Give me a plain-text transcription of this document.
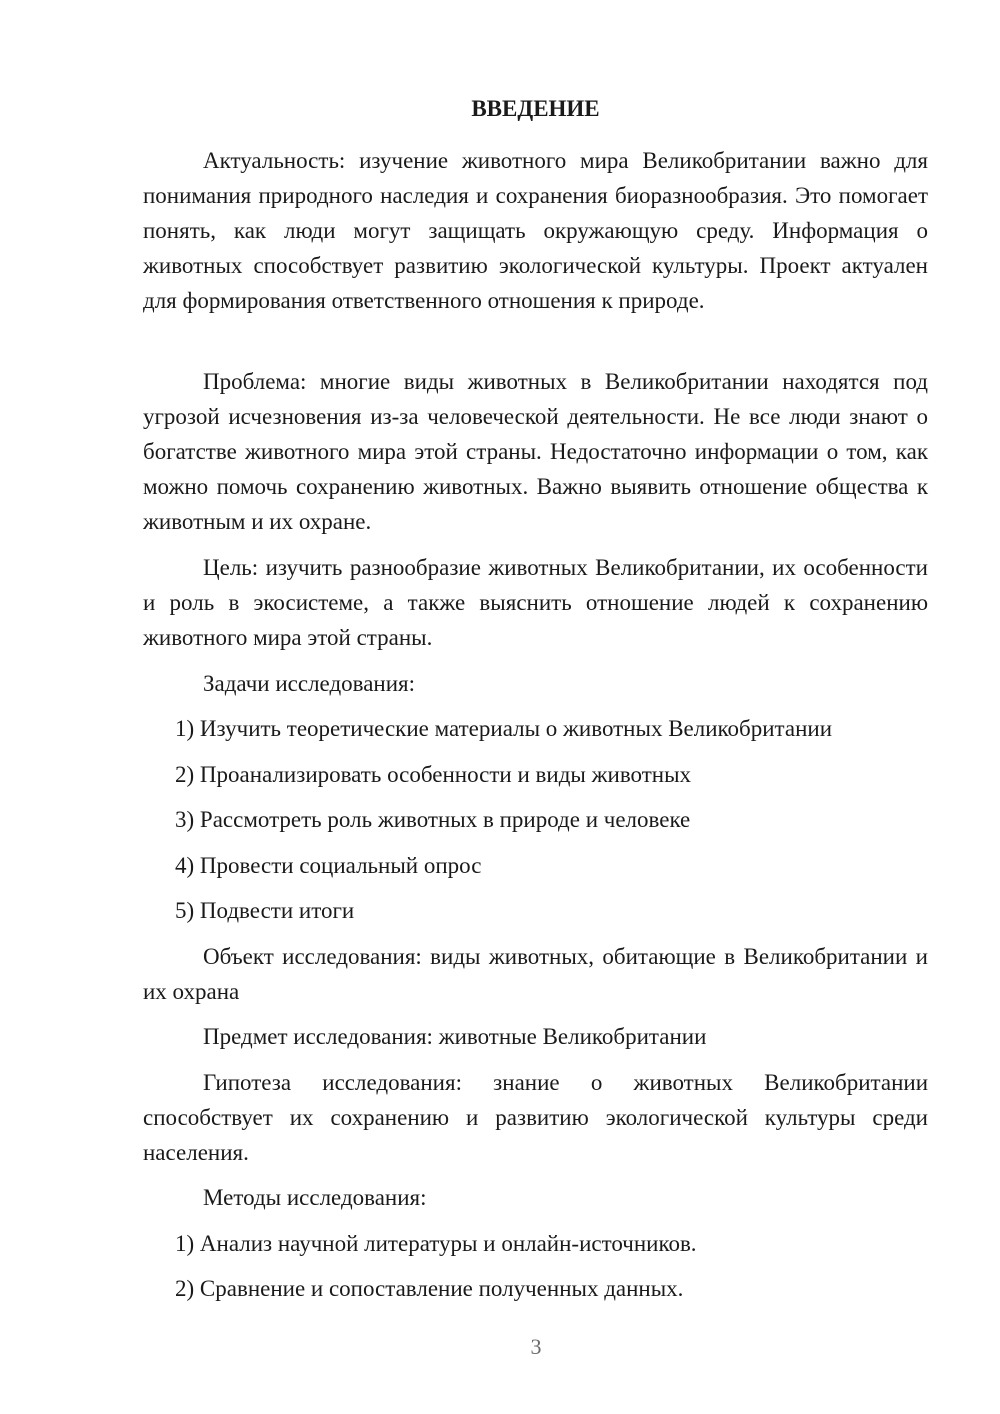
ВВЕДЕНИЕ

Актуальность: изучение животного мира Великобритании важно для понимания природного наследия и сохранения биоразнообразия. Это помогает понять, как люди могут защищать окружающую среду. Информация о животных способствует развитию экологической культуры. Проект актуален для формирования ответственного отношения к природе.

Проблема: многие виды животных в Великобритании находятся под угрозой исчезновения из-за человеческой деятельности. Не все люди знают о богатстве животного мира этой страны. Недостаточно информации о том, как можно помочь сохранению животных. Важно выявить отношение общества к животным и их охране.

Цель: изучить разнообразие животных Великобритании, их особенности и роль в экосистеме, а также выяснить отношение людей к сохранению животного мира этой страны.

Задачи исследования:

1) Изучить теоретические материалы о животных Великобритании

2) Проанализировать особенности и виды животных

3) Рассмотреть роль животных в природе и человеке

4) Провести социальный опрос

5) Подвести итоги

Объект исследования: виды животных, обитающие в Великобритании и их охрана

Предмет исследования: животные Великобритании

Гипотеза исследования: знание о животных Великобритании способствует их сохранению и развитию экологической культуры среди населения.

Методы исследования:

1) Анализ научной литературы и онлайн-источников.

2) Сравнение и сопоставление полученных данных.

3
